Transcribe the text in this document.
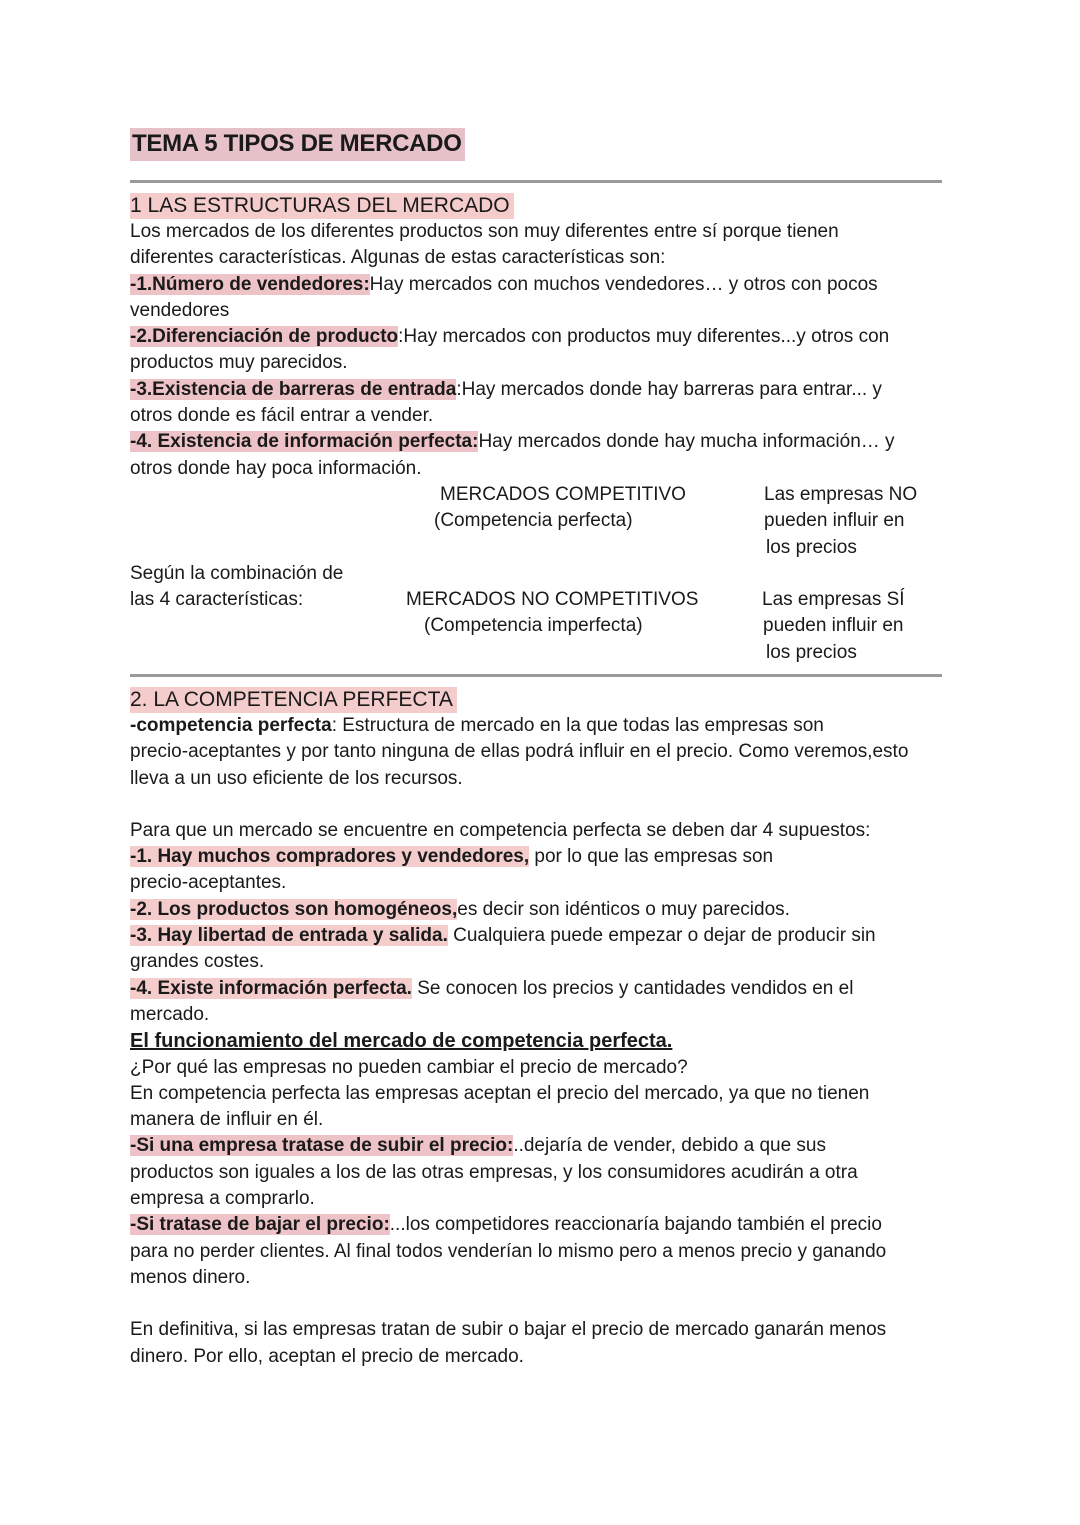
TEMA 5 TIPOS DE MERCADO
1 LAS ESTRUCTURAS DEL MERCADO

Los mercados de los diferentes productos son muy diferentes entre sí porque tienen

diferentes características. Algunas de estas características son:

-1.Número de vendedores:Hay mercados con muchos vendedores… y otros con pocos

vendedores

-2.Diferenciación de producto:Hay mercados con productos muy diferentes...y otros con

productos muy parecidos.

-3.Existencia de barreras de entrada:Hay mercados donde hay barreras para entrar... y

otros donde es fácil entrar a vender.

-4. Existencia de información perfecta:Hay mercados donde hay mucha información… y

otros donde hay poca información.

MERCADOS COMPETITIVO
(Competencia perfecta)
Las empresas NO
pueden influir en
los precios
Según la combinación de
las 4 características:	MERCADOS NO COMPETITIVOS
(Competencia imperfecta)
Las empresas SÍ
pueden influir en
los precios
2. LA COMPETENCIA PERFECTA

-competencia perfecta: Estructura de mercado en la que todas las empresas son

precio-aceptantes y por tanto ninguna de ellas podrá influir en el precio. Como veremos,esto

lleva a un uso eficiente de los recursos.

Para que un mercado se encuentre en competencia perfecta se deben dar 4 supuestos:

-1. Hay muchos compradores y vendedores, por lo que las empresas son

precio-aceptantes.

-2. Los productos son homogéneos,es decir son idénticos o muy parecidos.

-3. Hay libertad de entrada y salida. Cualquiera puede empezar o dejar de producir sin

grandes costes.

-4. Existe información perfecta. Se conocen los precios y cantidades vendidos en el

mercado.

El funcionamiento del mercado de competencia perfecta.

¿Por qué las empresas no pueden cambiar el precio de mercado?

En competencia perfecta las empresas aceptan el precio del mercado, ya que no tienen

manera de influir en él.

-Si una empresa tratase de subir el precio:..dejaría de vender, debido a que sus

productos son iguales a los de las otras empresas, y los consumidores acudirán a otra

empresa a comprarlo.

-Si tratase de bajar el precio:...los competidores reaccionaría bajando también el precio

para no perder clientes. Al final todos venderían lo mismo pero a menos precio y ganando

menos dinero.

En definitiva, si las empresas tratan de subir o bajar el precio de mercado ganarán menos

dinero. Por ello, aceptan el precio de mercado.
